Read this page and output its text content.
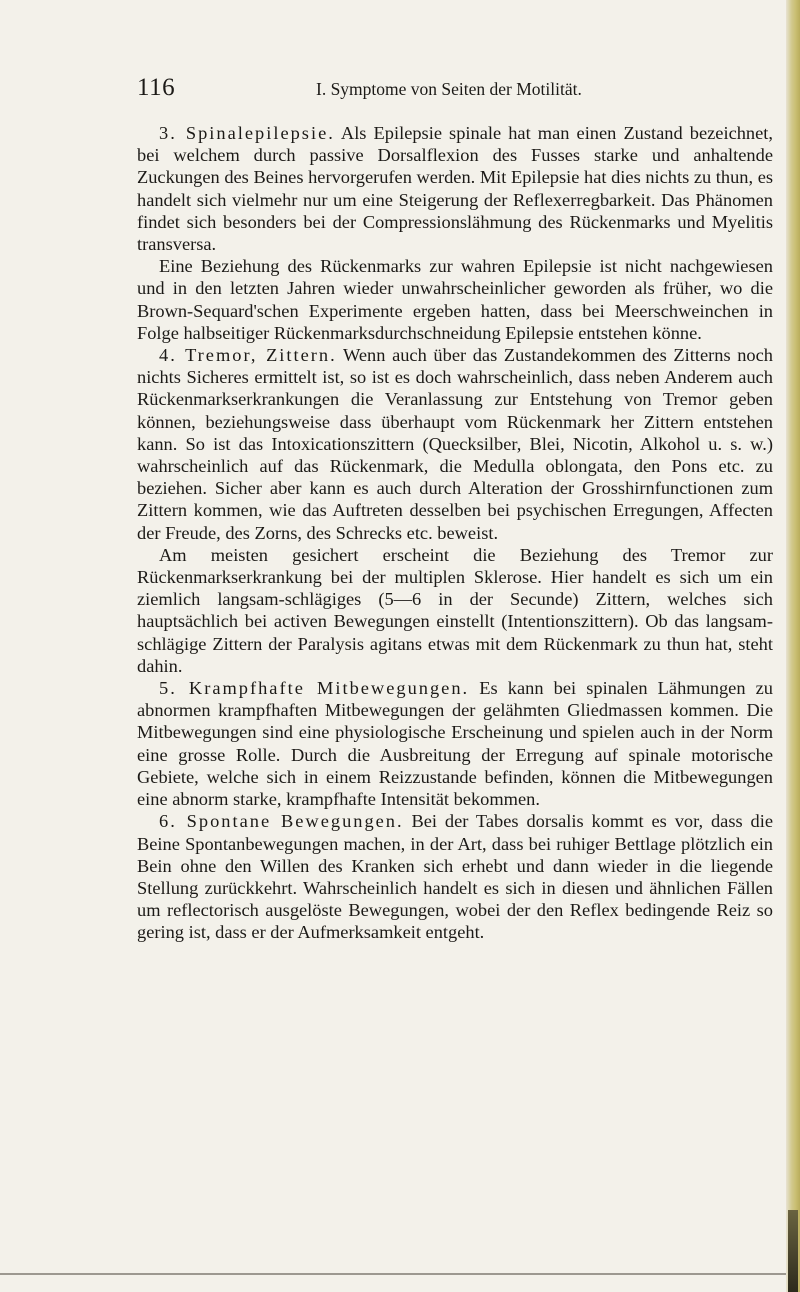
116	I. Symptome von Seiten der Motilität.

3. Spinalepilepsie. Als Epilepsie spinale hat man einen Zustand bezeichnet, bei welchem durch passive Dorsalflexion des Fusses starke und anhaltende Zuckungen des Beines hervorgerufen werden. Mit Epilepsie hat dies nichts zu thun, es handelt sich vielmehr nur um eine Steigerung der Reflexerregbarkeit. Das Phänomen findet sich besonders bei der Compressionslähmung des Rückenmarks und Myelitis transversa.

Eine Beziehung des Rückenmarks zur wahren Epilepsie ist nicht nachgewiesen und in den letzten Jahren wieder unwahrscheinlicher geworden als früher, wo die Brown-Sequard'schen Experimente ergeben hatten, dass bei Meerschweinchen in Folge halbseitiger Rückenmarksdurchschneidung Epilepsie entstehen könne.

4. Tremor, Zittern. Wenn auch über das Zustandekommen des Zitterns noch nichts Sicheres ermittelt ist, so ist es doch wahrscheinlich, dass neben Anderem auch Rückenmarkserkrankungen die Veranlassung zur Entstehung von Tremor geben können, beziehungsweise dass überhaupt vom Rückenmark her Zittern entstehen kann. So ist das Intoxicationszittern (Quecksilber, Blei, Nicotin, Alkohol u. s. w.) wahrscheinlich auf das Rückenmark, die Medulla oblongata, den Pons etc. zu beziehen. Sicher aber kann es auch durch Alteration der Grosshirnfunctionen zum Zittern kommen, wie das Auftreten desselben bei psychischen Erregungen, Affecten der Freude, des Zorns, des Schrecks etc. beweist.

Am meisten gesichert erscheint die Beziehung des Tremor zur Rückenmarkserkrankung bei der multiplen Sklerose. Hier handelt es sich um ein ziemlich langsam-schlägiges (5—6 in der Secunde) Zittern, welches sich hauptsächlich bei activen Bewegungen einstellt (Intentionszittern). Ob das langsam-schlägige Zittern der Paralysis agitans etwas mit dem Rückenmark zu thun hat, steht dahin.

5. Krampfhafte Mitbewegungen. Es kann bei spinalen Lähmungen zu abnormen krampfhaften Mitbewegungen der gelähmten Gliedmassen kommen. Die Mitbewegungen sind eine physiologische Erscheinung und spielen auch in der Norm eine grosse Rolle. Durch die Ausbreitung der Erregung auf spinale motorische Gebiete, welche sich in einem Reizzustande befinden, können die Mitbewegungen eine abnorm starke, krampfhafte Intensität bekommen.

6. Spontane Bewegungen. Bei der Tabes dorsalis kommt es vor, dass die Beine Spontanbewegungen machen, in der Art, dass bei ruhiger Bettlage plötzlich ein Bein ohne den Willen des Kranken sich erhebt und dann wieder in die liegende Stellung zurückkehrt. Wahrscheinlich handelt es sich in diesen und ähnlichen Fällen um reflectorisch ausgelöste Bewegungen, wobei der den Reflex bedingende Reiz so gering ist, dass er der Aufmerksamkeit entgeht.
